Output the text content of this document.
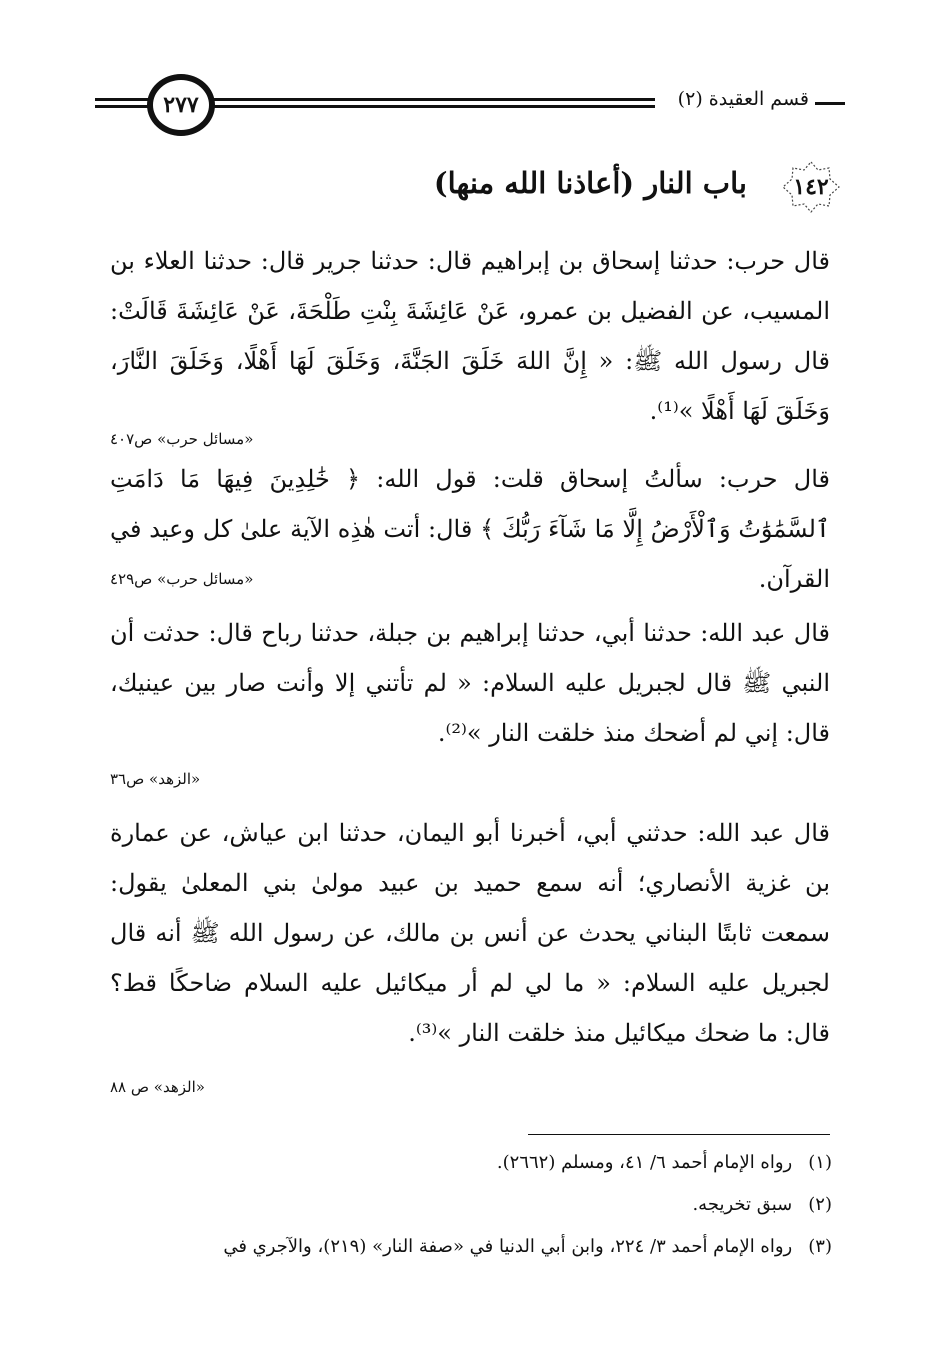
٢٧٧	قسم العقيدة (٢)
١٤٢
باب النار (أعاذنا الله منها)

قال حرب: حدثنا إسحاق بن إبراهيم قال: حدثنا جرير قال: حدثنا العلاء بن المسيب، عن الفضيل بن عمرو، عَنْ عَائِشَةَ بِنْتِ طَلْحَةَ، عَنْ عَائِشَةَ قَالَتْ: قال رسول الله ﷺ: « إِنَّ اللهَ خَلَقَ الجَنَّةَ، وَخَلَقَ لَهَا أَهْلًا، وَخَلَقَ النَّارَ، وَخَلَقَ لَهَا أَهْلًا »⁽¹⁾.

«مسائل حرب» ص٤٠٧

قال حرب: سألتُ إسحاق قلت: قول الله: ﴿ خَٰلِدِينَ فِيهَا مَا دَامَتِ ٱلسَّمَٰوَٰتُ وَٱلْأَرْضُ إِلَّا مَا شَآءَ رَبُّكَ ﴾ قال: أتت هٰذِه الآية علىٰ كل وعيد في القرآن.

«مسائل حرب» ص٤٢٩

قال عبد الله: حدثنا أبي، حدثنا إبراهيم بن جبلة، حدثنا رباح قال: حدثت أن النبي ﷺ قال لجبريل عليه السلام: « لم تأتني إلا وأنت صار بين عينيك، قال: إني لم أضحك منذ خلقت النار »⁽²⁾.

«الزهد» ص٣٦

قال عبد الله: حدثني أبي، أخبرنا أبو اليمان، حدثنا ابن عياش، عن عمارة بن غزية الأنصاري؛ أنه سمع حميد بن عبيد مولىٰ بني المعلىٰ يقول: سمعت ثابتًا البناني يحدث عن أنس بن مالك، عن رسول الله ﷺ أنه قال لجبريل عليه السلام: « ما لي لم أر ميكائيل عليه السلام ضاحكًا قط؟ قال: ما ضحك ميكائيل منذ خلقت النار »⁽³⁾.

«الزهد» ص ٨٨
(١) رواه الإمام أحمد ٦/ ٤١، ومسلم (٢٦٦٢).
(٢) سبق تخريجه.
(٣) رواه الإمام أحمد ٣/ ٢٢٤، وابن أبي الدنيا في «صفة النار» (٢١٩)، والآجري في
